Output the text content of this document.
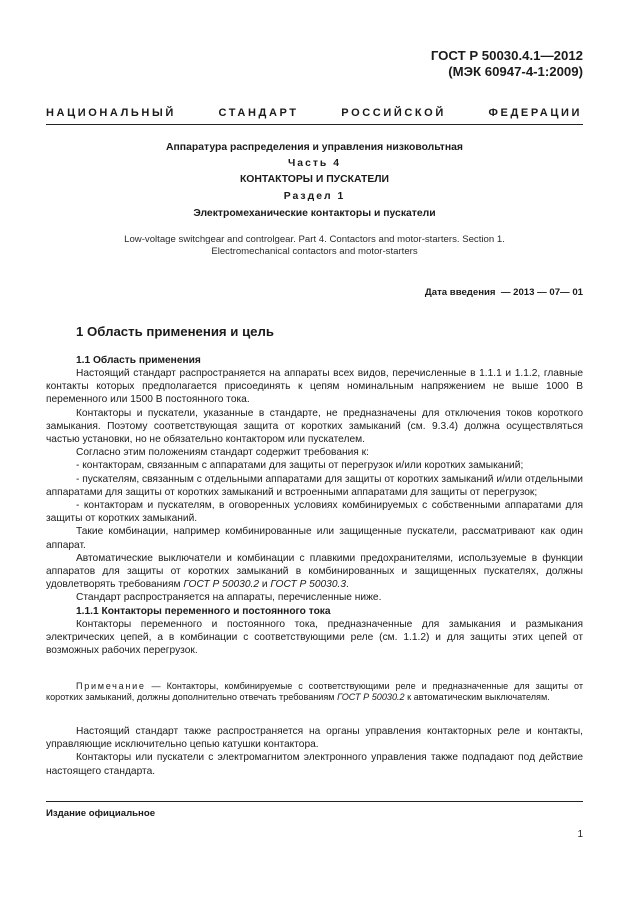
ГОСТ Р 50030.4.1—2012
(МЭК 60947-4-1:2009)
НАЦИОНАЛЬНЫЙ СТАНДАРТ РОССИЙСКОЙ ФЕДЕРАЦИИ
Аппаратура распределения и управления низковольтная
Часть 4
КОНТАКТОРЫ И ПУСКАТЕЛИ
Раздел 1
Электромеханические контакторы и пускатели
Low-voltage switchgear and controlgear. Part 4. Contactors and motor-starters. Section 1.
Electromechanical contactors and motor-starters
Дата введения — 2013 — 07— 01
1 Область применения и цель
1.1 Область применения

Настоящий стандарт распространяется на аппараты всех видов, перечисленные в 1.1.1 и 1.1.2, главные контакты которых предполагается присоединять к цепям номинальным напряжением не выше 1000 В переменного или 1500 В постоянного тока.

Контакторы и пускатели, указанные в стандарте, не предназначены для отключения токов короткого замыкания. Поэтому соответствующая защита от коротких замыканий (см. 9.3.4) должна осуществляться частью установки, но не обязательно контактором или пускателем.

Согласно этим положениям стандарт содержит требования к:

- контакторам, связанным с аппаратами для защиты от перегрузок и/или коротких замыканий;

- пускателям, связанным с отдельными аппаратами для защиты от коротких замыканий и/или отдельными аппаратами для защиты от коротких замыканий и встроенными аппаратами для защиты от перегрузок;

- контакторам и пускателям, в оговоренных условиях комбинируемых с собственными аппаратами для защиты от коротких замыканий.

Такие комбинации, например комбинированные или защищенные пускатели, рассматривают как один аппарат.

Автоматические выключатели и комбинации с плавкими предохранителями, используемые в функции аппаратов для защиты от коротких замыканий в комбинированных и защищенных пускателях, должны удовлетворять требованиям ГОСТ Р 50030.2 и ГОСТ Р 50030.3.

Стандарт распространяется на аппараты, перечисленные ниже.

1.1.1 Контакторы переменного и постоянного тока

Контакторы переменного и постоянного тока, предназначенные для замыкания и размыкания электрических цепей, а в комбинации с соответствующими реле (см. 1.1.2) и для защиты этих цепей от возможных рабочих перегрузок.

Примечание — Контакторы, комбинируемые с соответствующими реле и предназначенные для защиты от коротких замыканий, должны дополнительно отвечать требованиям ГОСТ Р 50030.2 к автоматическим выключателям.

Настоящий стандарт также распространяется на органы управления контакторных реле и контакты, управляющие исключительно цепью катушки контактора.

Контакторы или пускатели с электромагнитом электронного управления также подпадают под действие настоящего стандарта.

Издание официальное
1
